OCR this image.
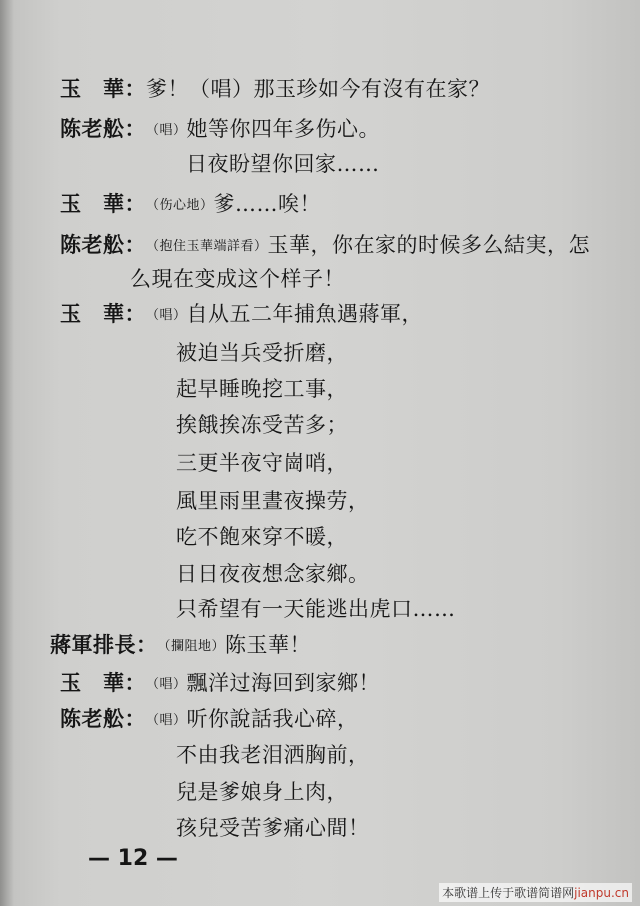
玉　華：爹！（唱）那玉珍如今有沒有在家？
陈老舩：（唱）她等你四年多伤心。
日夜盼望你回家……
玉　華：（伤心地）爹……唉！
陈老舩：（抱住玉華端詳看）玉華，你在家的时候多么結実，怎
么現在变成这个样子！
玉　華：（唱）自从五二年捕魚遇蔣軍，
被迫当兵受折磨，
起早睡晚挖工事，
挨餓挨冻受苦多；
三更半夜守崗哨，
風里雨里晝夜操劳，
吃不飽來穿不暖，
日日夜夜想念家鄉。
只希望有一天能逃出虎口……
蔣軍排長：（攔阻地）陈玉華！
玉　華：（唱）飄洋过海回到家鄉！
陈老舩：（唱）听你說話我心碎，
不由我老泪洒胸前，
兒是爹娘身上肉，
孩兒受苦爹痛心間！
— 12 —
本歌谱上传于歌谱简谱网jianpu.cn
